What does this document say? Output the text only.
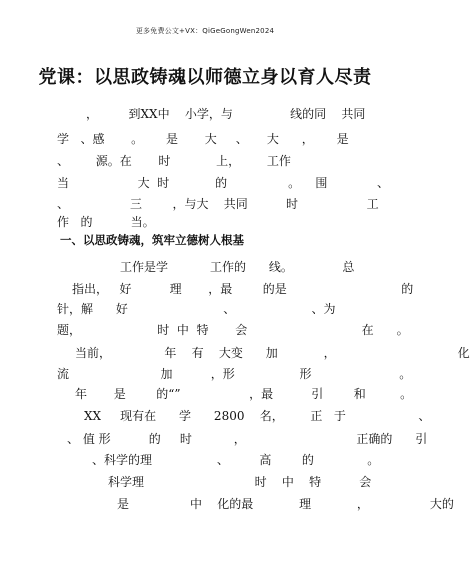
更多免费公文+VX：QiGeGongWen2024
党课：以思政铸魂以师德立身以育人尽责
，        到XX中    小学，与               线的同    共同
学   、感       。      是       大     、     大      ，      是
、       源。在       时            上，       工作
当                  大  时            的                。    围             、
、                三        ，与大    共同          时                  工
作   的          当。
一、以思政铸魂，筑牢立德树人根基
工作是学           工作的      线。             总
指出，   好          理       ，最        的是                              的
针，解      好                         、                    、为
题，                    时  中  特       会                              在      。
当前，              年    有    大变      加            ，                                化
流                        加          ，形                 形                       。
年       是        的“”                  ，最          引        和         。
XX     现有在      学      2800    名，       正   于                   、
、 值 形          的     时           ，                             正确的      引
、科学的理                 、        高        的              。
科学理                             时    中    特          会
是                中    化的最            理            ，                大的
